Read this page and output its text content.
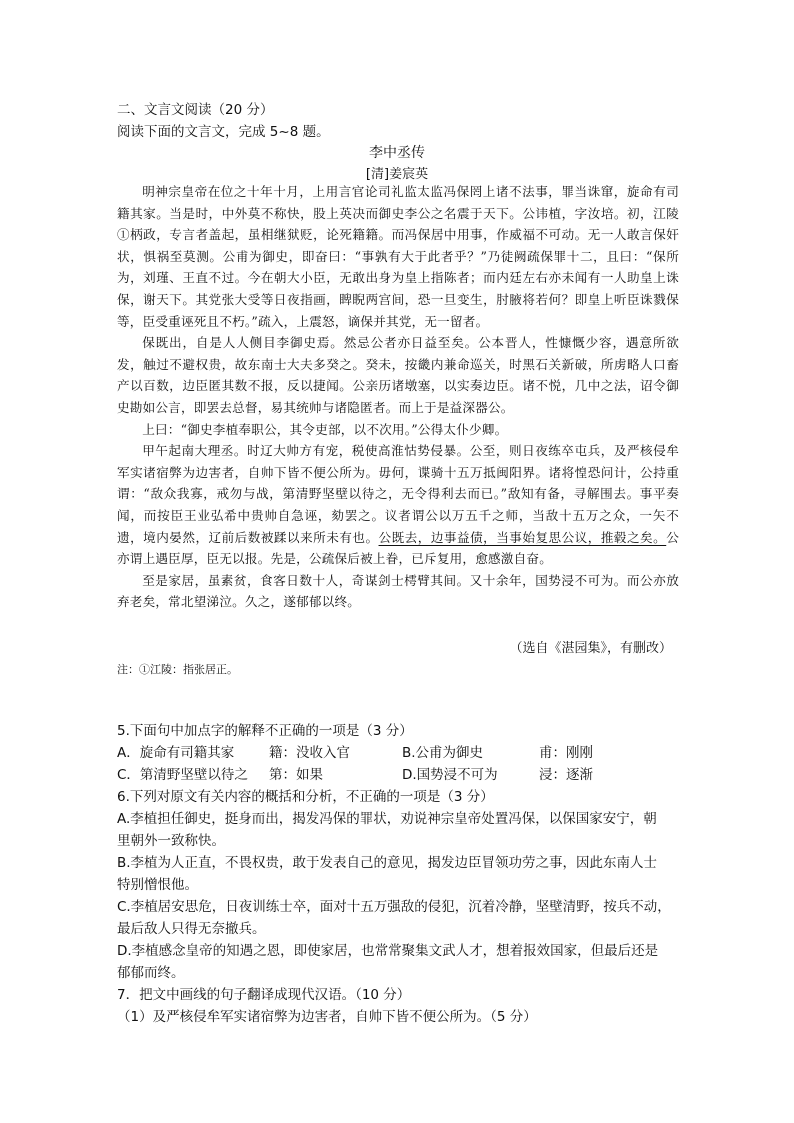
二、文言文阅读（20 分）
阅读下面的文言文，完成 5~8 题。
李中丞传
[清]姜宸英

明神宗皇帝在位之十年十月，上用言官论司礼监太监冯保罔上诸不法事，罪当诛窜，旋命有司籍其家。当是时，中外莫不称快，股上英决而御史李公之名震于天下。公讳植，字汝培。初，江陵①柄政，专言者盖起，虽相继狱贬，论死籍籍。而冯保居中用事，作威福不可动。无一人敢言保奸状，惧祸至莫测。公甫为御史，即奋曰：“事孰有大于此者乎？”乃徒阙疏保罪十二，且曰：“保所为，刘瑾、王直不过。今在朝大小臣，无敢出身为皇上指陈者；而内廷左右亦未闻有一人助皇上诛保，谢天下。其党张大受等日夜指画，睥睨两宫间，恐一旦变生，肘腋将若何？即皇上听臣诛戮保等，臣受重诬死且不朽。”疏入，上震怒，谪保并其党，无一留者。

保既出，自是人人侧目李御史焉。然忌公者亦日益至矣。公本晋人，性慷慨少容，遇意所欲发，触过不避权贵，故东南士大夫多癸之。癸未，按畿内兼命巡关，时黑石关新破，所虏略人口畜产以百数，边臣匿其数不报，反以捷闻。公亲历诸墩塞，以实奏边臣。诸不悦，几中之法，诏令御史勘如公言，即罢去总督，易其统帅与诸隐匿者。而上于是益深器公。

上曰：“御史李植奉职公，其令吏部，以不次用。”公得太仆少卿。

甲午起南大理丞。时辽大帅方有宠，税使高淮怙势侵暴。公至，则日夜练卒屯兵，及严核侵牟军实诸宿弊为边害者，自帅下皆不便公所为。毋何，谍骑十五万抵闽阳界。诸将惶恐问计，公持重谓：“敌众我寡，戒勿与战，第清野坚壁以待之，无令得利去而已。”敌知有备，寻解围去。事平奏闻，而按臣王业弘希中贵帅自急诬，劾罢之。议者谓公以万五千之师，当敌十五万之众，一矢不遗，境内晏然，辽前后数被蹂以来所未有也。公既去，边事益债，当事始复思公议，推毂之矣。公亦谓上遇臣厚，臣无以报。先是，公疏保后被上眷，已斥复用，愈感激自奋。

至是家居，虽素贫，食客日数十人，奇谋剑士樗臂其间。又十余年，国势浸不可为。而公亦放弃老矣，常北望涕泣。久之，遂郁郁以终。

（选自《湛园集》，有删改）
注：①江陵：指张居正。
5.下面句中加点字的解释不正确的一项是（3 分）
A．旋命有司籍其家	籍：没收入官	B.公甫为御史	甫：刚刚
C．第清野坚壁以待之	第：如果	D.国势浸不可为	浸：逐渐
6.下列对原文有关内容的概括和分析，不正确的一项是（3 分）
A.李植担任御史，挺身而出，揭发冯保的罪状，劝说神宗皇帝处置冯保，以保国家安宁，朝
里朝外一致称快。
B.李植为人正直，不畏权贵，敢于发表自己的意见，揭发边臣冒领功劳之事，因此东南人士
特别憎恨他。
C.李植居安思危，日夜训练士卒，面对十五万强敌的侵犯，沉着冷静，坚壁清野，按兵不动，
最后敌人只得无奈撤兵。
D.李植感念皇帝的知遇之恩，即使家居，也常常聚集文武人才，想着报效国家，但最后还是
郁郁而终。
7．把文中画线的句子翻译成现代汉语。（10 分）
（1）及严核侵牟军实诸宿弊为边害者，自帅下皆不便公所为。（5 分）
